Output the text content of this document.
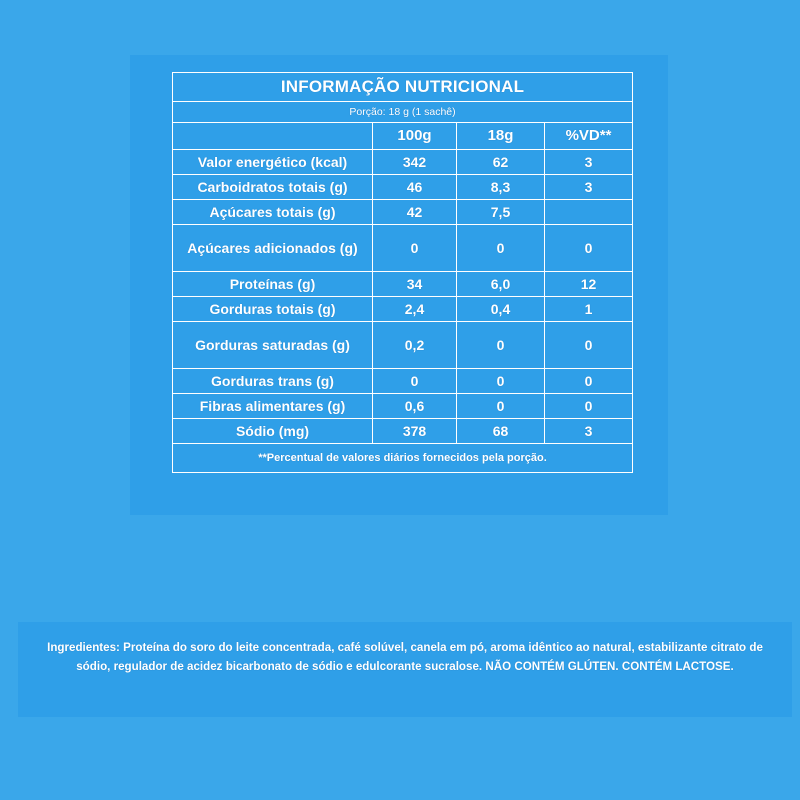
INFORMAÇÃO NUTRICIONAL			
Porção: 18 g (1 sachê)			
	100g	18g	%VD**
Valor energético (kcal)	342	62	3
Carboidratos totais (g)	46	8,3	3
Açúcares totais (g)	42	7,5	
Açúcares adicionados (g)	0	0	0
Proteínas (g)	34	6,0	12
Gorduras totais (g)	2,4	0,4	1
Gorduras saturadas (g)	0,2	0	0
Gorduras trans (g)	0	0	0
Fibras alimentares (g)	0,6	0	0
Sódio (mg)	378	68	3
**Percentual de valores diários fornecidos pela porção.			

Ingredientes: Proteína do soro do leite concentrada, café solúvel, canela em pó, aroma idêntico ao natural, estabilizante citrato de sódio, regulador de acidez bicarbonato de sódio e edulcorante sucralose. NÃO CONTÉM GLÚTEN. CONTÉM LACTOSE.
